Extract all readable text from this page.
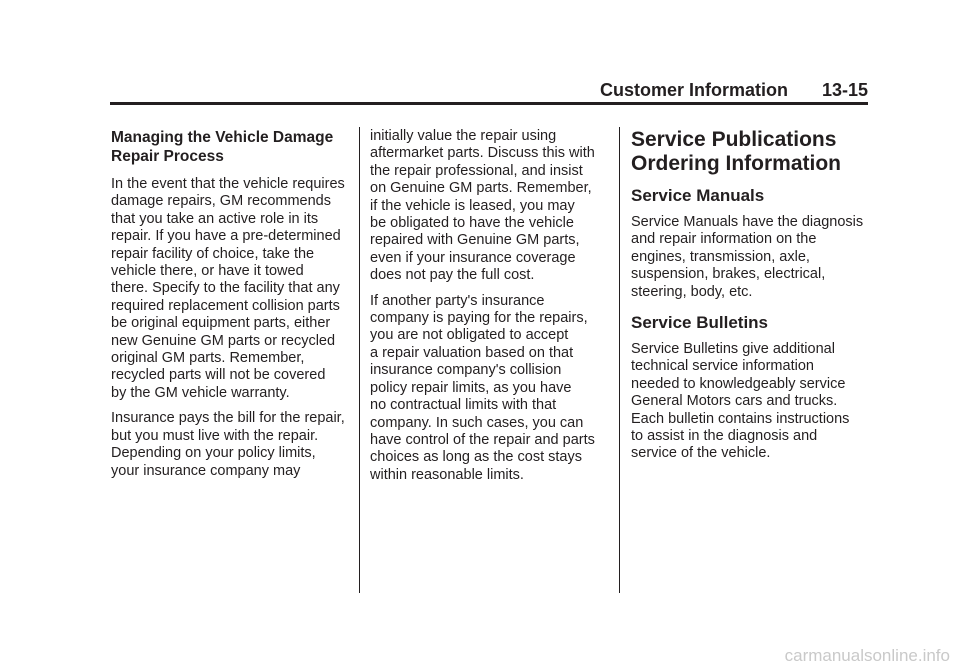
Customer Information 13-15
Managing the Vehicle Damage
Repair Process

In the event that the vehicle requires
damage repairs, GM recommends
that you take an active role in its
repair. If you have a pre-determined
repair facility of choice, take the
vehicle there, or have it towed
there. Specify to the facility that any
required replacement collision parts
be original equipment parts, either
new Genuine GM parts or recycled
original GM parts. Remember,
recycled parts will not be covered
by the GM vehicle warranty.

Insurance pays the bill for the repair,
but you must live with the repair.
Depending on your policy limits,
your insurance company may

initially value the repair using
aftermarket parts. Discuss this with
the repair professional, and insist
on Genuine GM parts. Remember,
if the vehicle is leased, you may
be obligated to have the vehicle
repaired with Genuine GM parts,
even if your insurance coverage
does not pay the full cost.

If another party's insurance
company is paying for the repairs,
you are not obligated to accept
a repair valuation based on that
insurance company's collision
policy repair limits, as you have
no contractual limits with that
company. In such cases, you can
have control of the repair and parts
choices as long as the cost stays
within reasonable limits.

Service Publications
Ordering Information
Service Manuals

Service Manuals have the diagnosis
and repair information on the
engines, transmission, axle,
suspension, brakes, electrical,
steering, body, etc.

Service Bulletins

Service Bulletins give additional
technical service information
needed to knowledgeably service
General Motors cars and trucks.
Each bulletin contains instructions
to assist in the diagnosis and
service of the vehicle.

carmanualsonline.info
